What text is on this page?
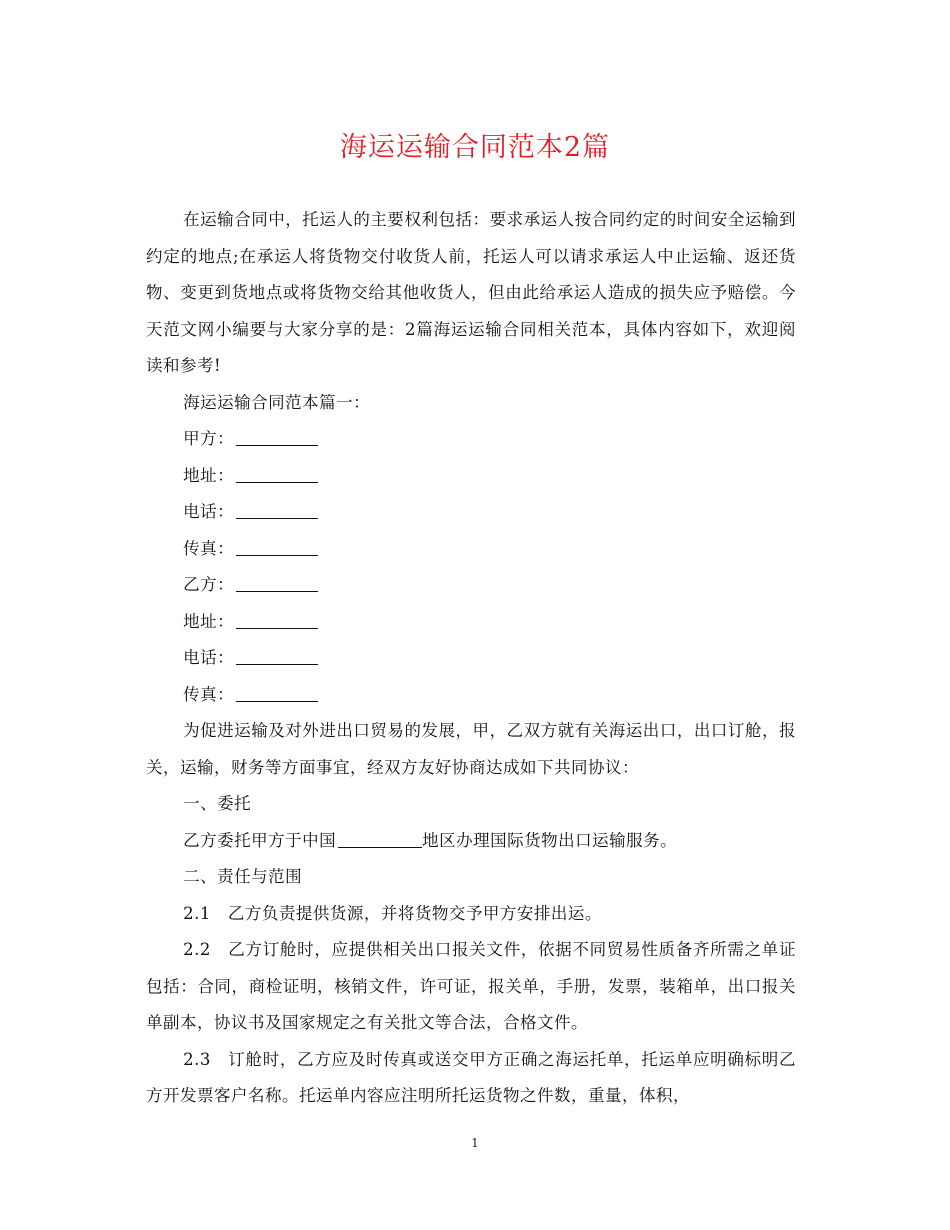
海运运输合同范本2篇

在运输合同中，托运人的主要权利包括：要求承运人按合同约定的时间安全运输到约定的地点;在承运人将货物交付收货人前，托运人可以请求承运人中止运输、返还货物、变更到货地点或将货物交给其他收货人，但由此给承运人造成的损失应予赔偿。今天范文网小编要与大家分享的是：2篇海运运输合同相关范本，具体内容如下，欢迎阅读和参考!

海运运输合同范本篇一：

甲方：

地址：

电话：

传真：

乙方：

地址：

电话：

传真：

为促进运输及对外进出口贸易的发展，甲，乙双方就有关海运出口，出口订舱，报关，运输，财务等方面事宜，经双方友好协商达成如下共同协议：

一、委托

乙方委托甲方于中国	地区办理国际货物出口运输服务。

二、责任与范围

2.1　乙方负责提供货源，并将货物交予甲方安排出运。

2.2　乙方订舱时，应提供相关出口报关文件，依据不同贸易性质备齐所需之单证包括：合同，商检证明，核销文件，许可证，报关单，手册，发票，装箱单，出口报关单副本，协议书及国家规定之有关批文等合法，合格文件。

2.3　订舱时，乙方应及时传真或送交甲方正确之海运托单，托运单应明确标明乙方开发票客户名称。托运单内容应注明所托运货物之件数，重量，体积，

1
